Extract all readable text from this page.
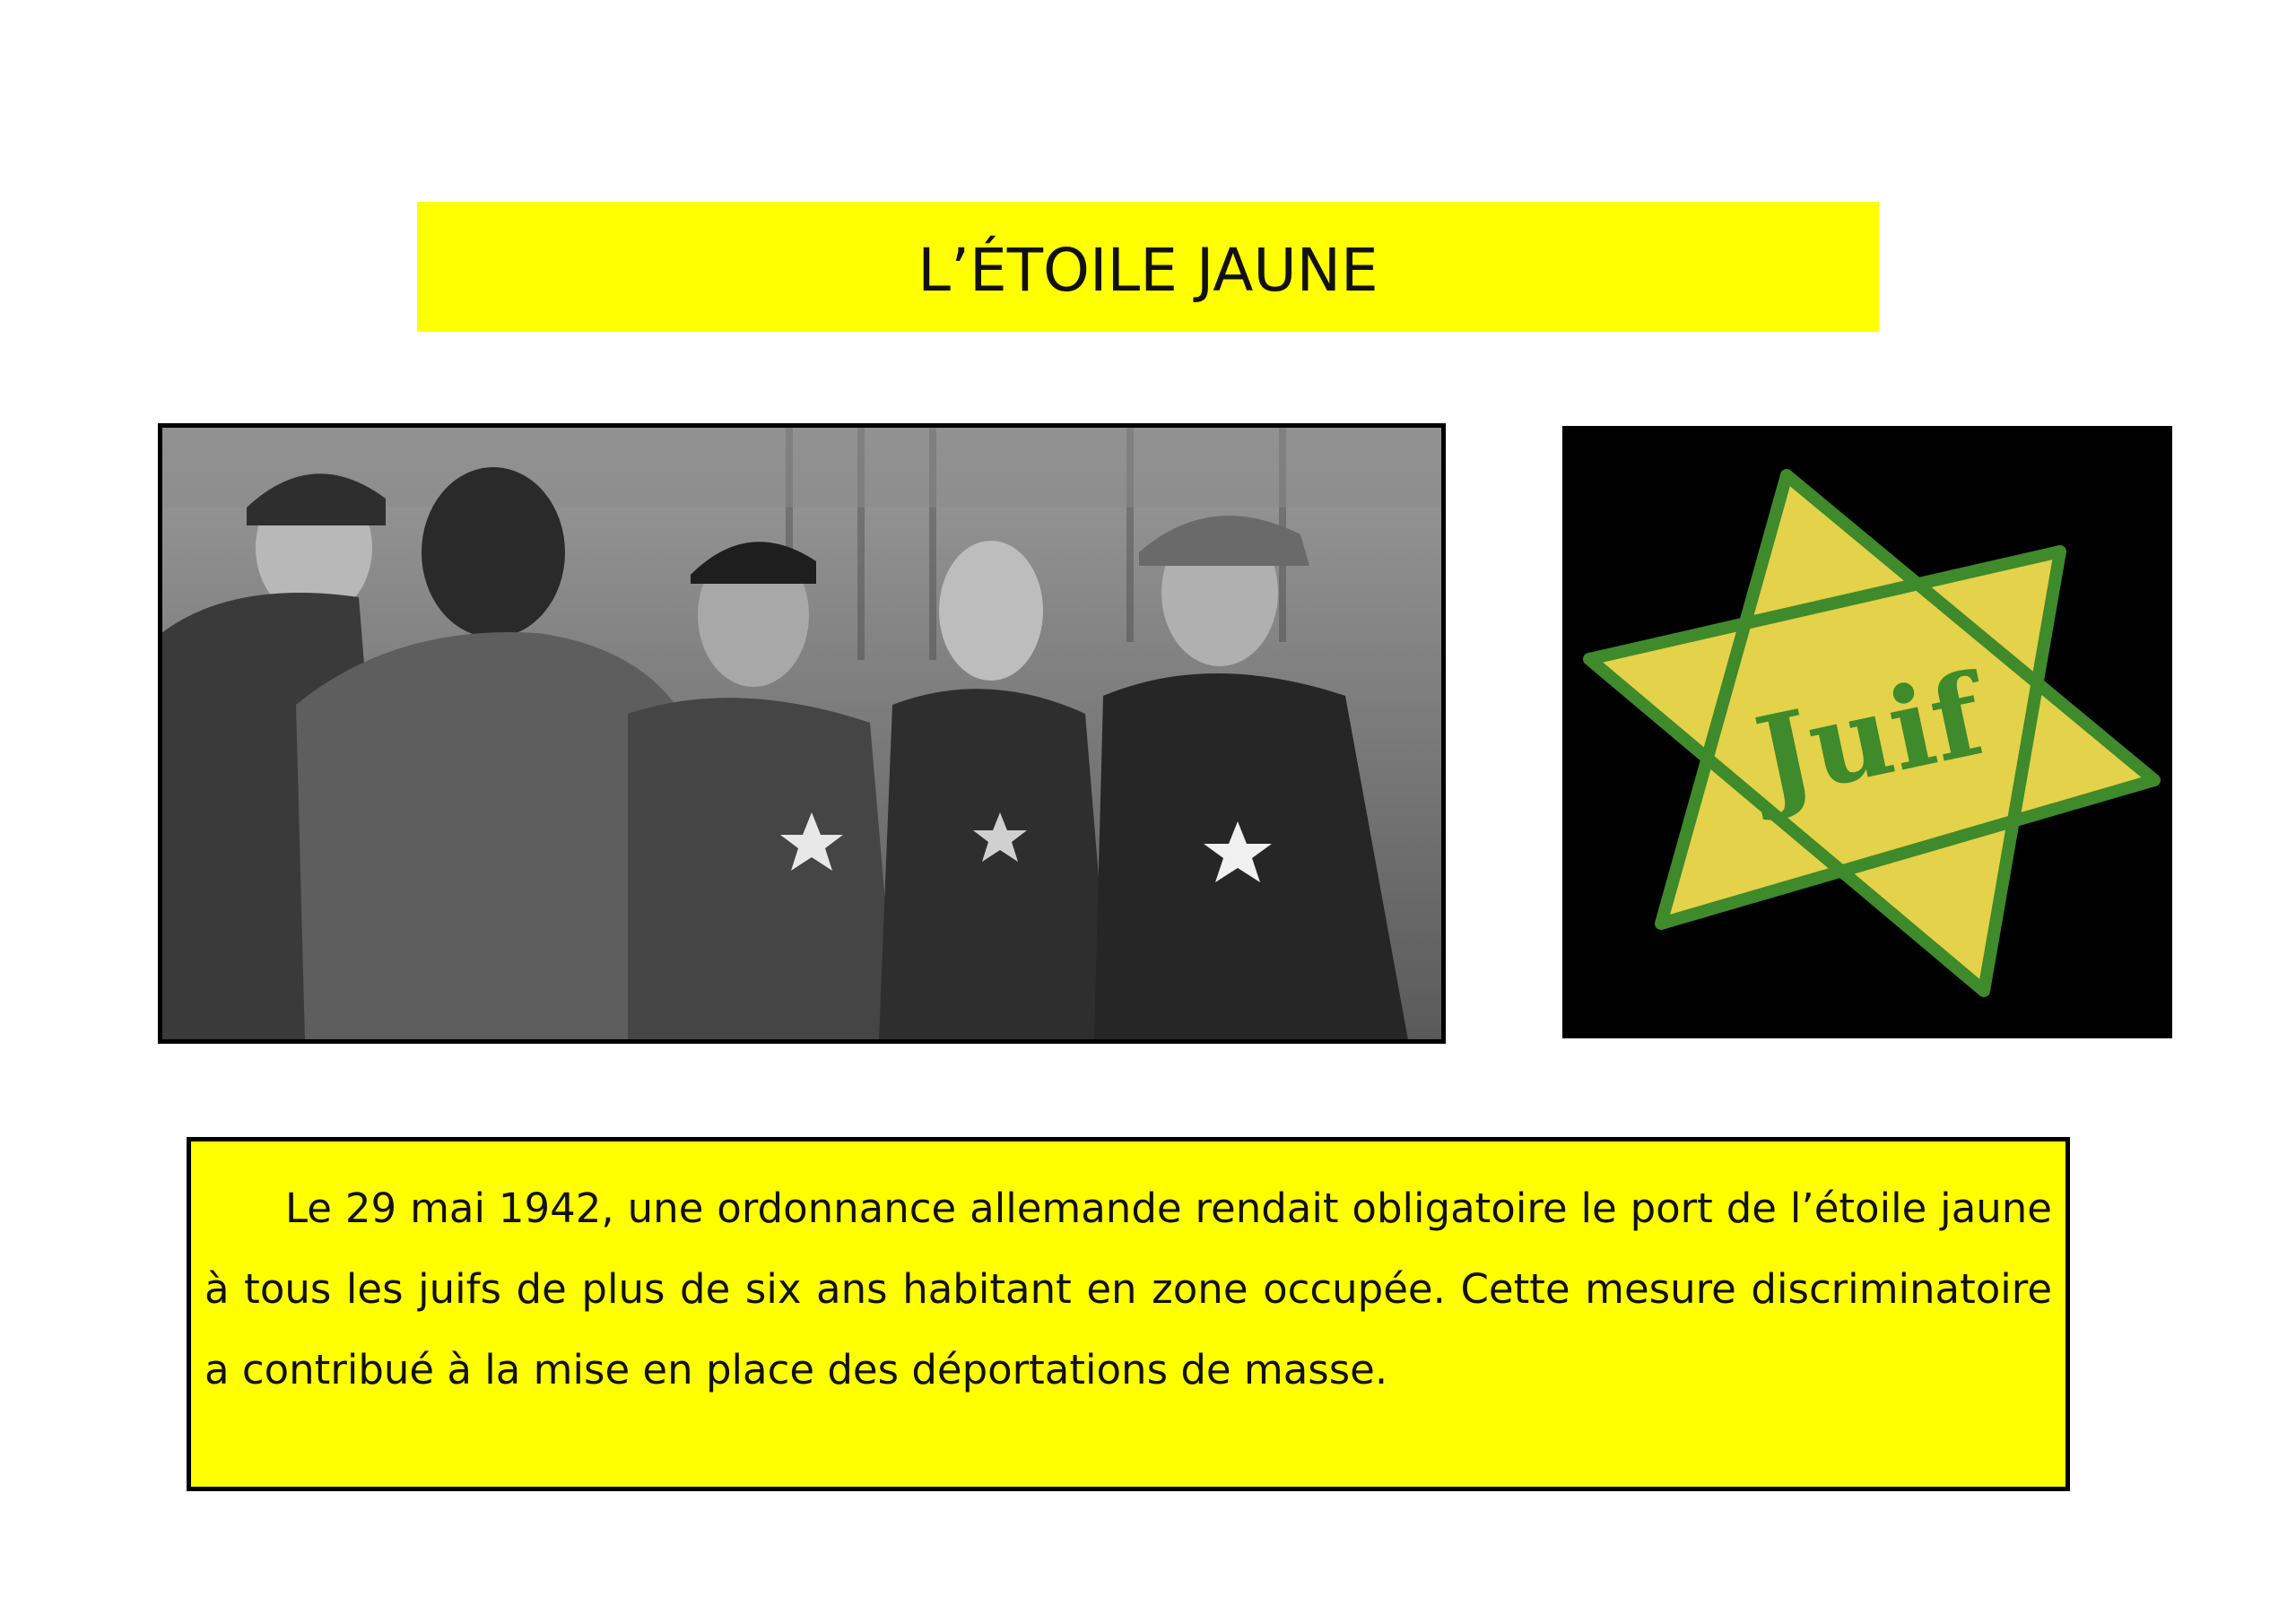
L’ÉTOILE JAUNE
Juif

Le 29 mai 1942, une ordonnance allemande rendait obligatoire le port de l’étoile jaune à tous les juifs de plus de six ans habitant en zone occupée. Cette mesure discriminatoire a contribué à la mise en place des déportations de masse.
